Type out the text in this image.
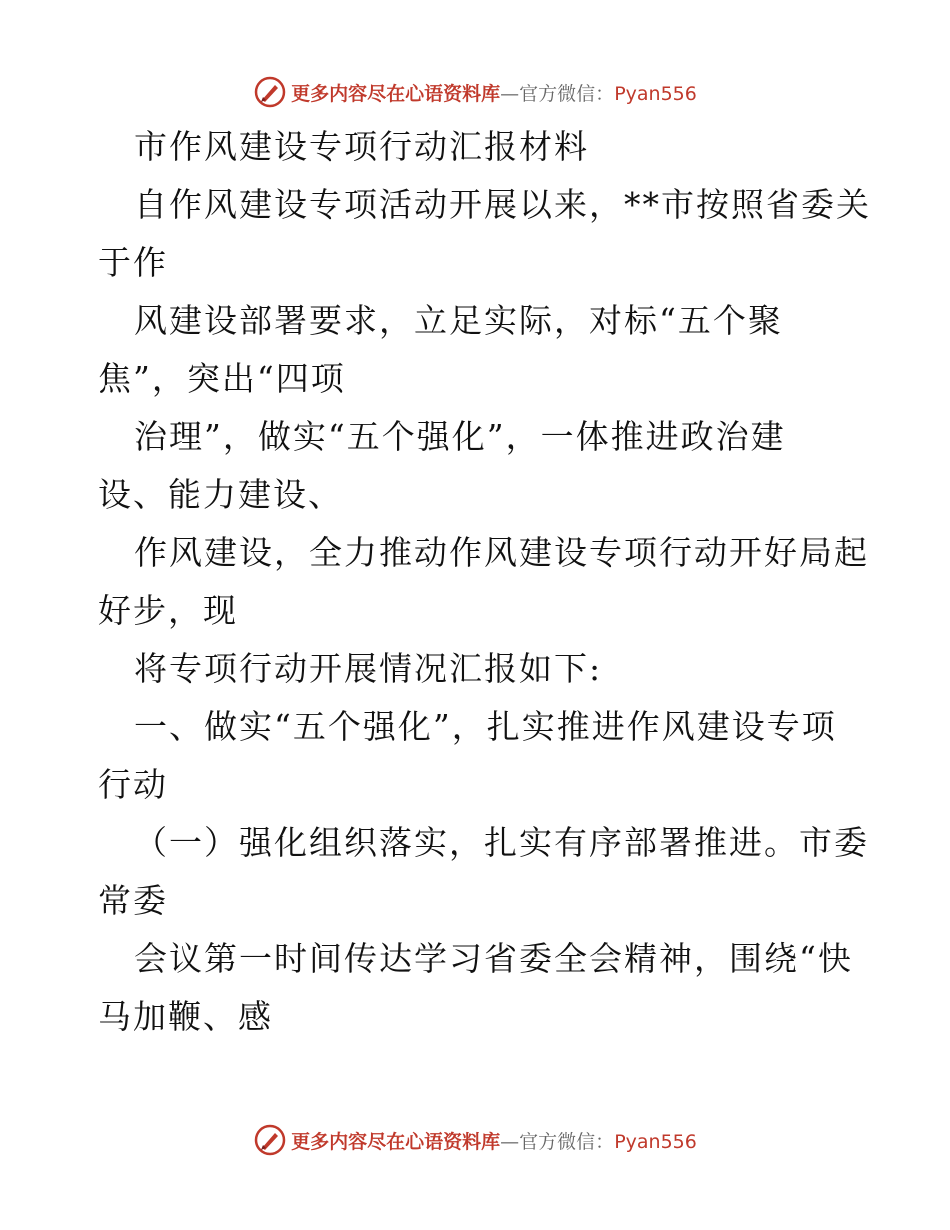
更多内容尽在心语资料库—官方微信：Pyan556
市作风建设专项行动汇报材料
自作风建设专项活动开展以来，**市按照省委关
于作
风建设部署要求，立足实际，对标“五个聚
焦”，突出“四项
治理”，做实“五个强化”，一体推进政治建
设、能力建设、
作风建设，全力推动作风建设专项行动开好局起
好步，现
将专项行动开展情况汇报如下:
一、做实“五个强化”，扎实推进作风建设专项
行动
（一）强化组织落实，扎实有序部署推进。市委
常委
会议第一时间传达学习省委全会精神，围绕“快
马加鞭、感
更多内容尽在心语资料库—官方微信：Pyan556
